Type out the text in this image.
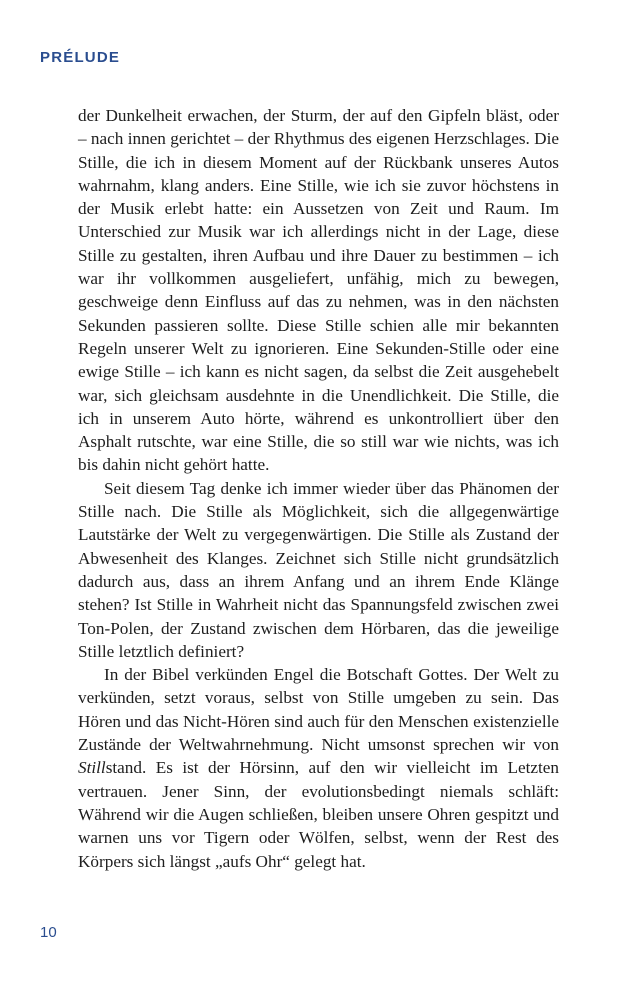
PRÉLUDE

der Dunkelheit erwachen, der Sturm, der auf den Gipfeln bläst, oder – nach innen gerichtet – der Rhythmus des eigenen Herzschlages. Die Stille, die ich in diesem Moment auf der Rückbank unseres Autos wahrnahm, klang anders. Eine Stille, wie ich sie zuvor höchstens in der Musik erlebt hatte: ein Aussetzen von Zeit und Raum. Im Unterschied zur Musik war ich allerdings nicht in der Lage, diese Stille zu gestalten, ihren Aufbau und ihre Dauer zu bestimmen – ich war ihr vollkommen ausgeliefert, unfähig, mich zu bewegen, geschweige denn Einfluss auf das zu nehmen, was in den nächsten Sekunden passieren sollte. Diese Stille schien alle mir bekannten Regeln unserer Welt zu ignorieren. Eine Sekunden-Stille oder eine ewige Stille – ich kann es nicht sagen, da selbst die Zeit ausgehebelt war, sich gleichsam ausdehnte in die Unendlichkeit. Die Stille, die ich in unserem Auto hörte, während es unkontrolliert über den Asphalt rutschte, war eine Stille, die so still war wie nichts, was ich bis dahin nicht gehört hatte.

Seit diesem Tag denke ich immer wieder über das Phänomen der Stille nach. Die Stille als Möglichkeit, sich die allgegenwärtige Lautstärke der Welt zu vergegenwärtigen. Die Stille als Zustand der Abwesenheit des Klanges. Zeichnet sich Stille nicht grundsätzlich dadurch aus, dass an ihrem Anfang und an ihrem Ende Klänge stehen? Ist Stille in Wahrheit nicht das Spannungsfeld zwischen zwei Ton-Polen, der Zustand zwischen dem Hörbaren, das die jeweilige Stille letztlich definiert?

In der Bibel verkünden Engel die Botschaft Gottes. Der Welt zu verkünden, setzt voraus, selbst von Stille umgeben zu sein. Das Hören und das Nicht-Hören sind auch für den Menschen existenzielle Zustände der Weltwahrnehmung. Nicht umsonst sprechen wir von Stillstand. Es ist der Hörsinn, auf den wir vielleicht im Letzten vertrauen. Jener Sinn, der evolutionsbedingt niemals schläft: Während wir die Augen schließen, bleiben unsere Ohren gespitzt und warnen uns vor Tigern oder Wölfen, selbst, wenn der Rest des Körpers sich längst „aufs Ohr“ gelegt hat.

10
